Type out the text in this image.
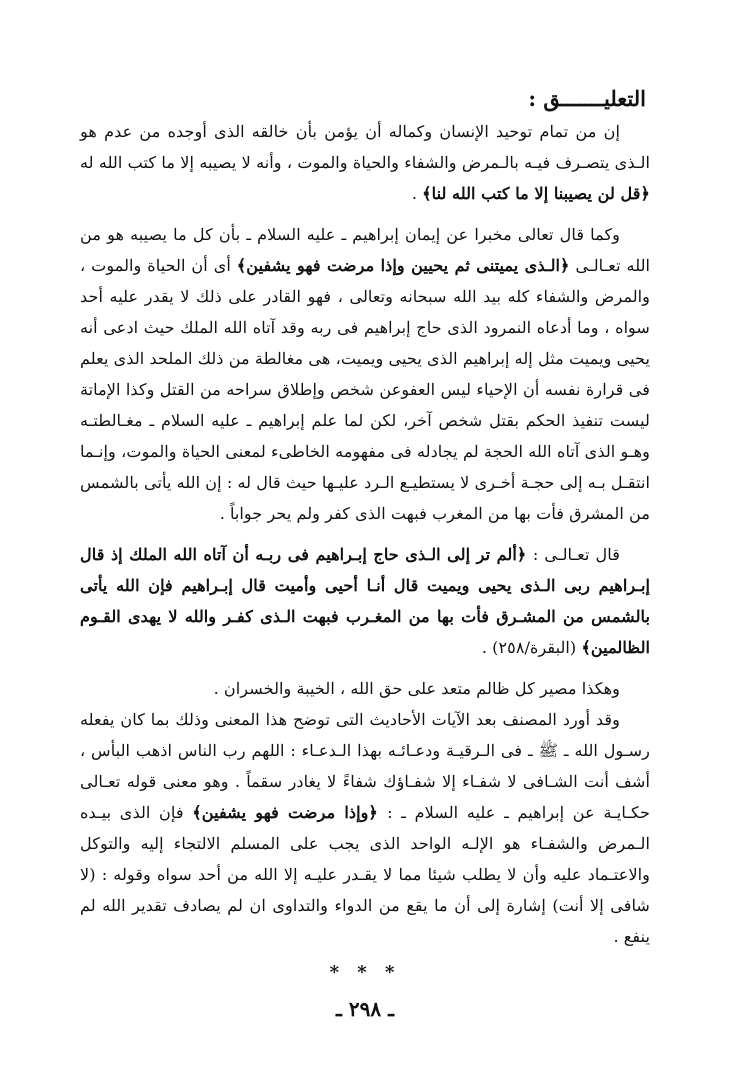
التعليـــــــق :

إن من تمام توحيد الإنسان وكماله أن يؤمن بأن خالقه الذى أوجده من عدم هو الـذى يتصـرف فيـه بالـمرض والشفاء والحياة والموت ، وأنه لا يصيبه إلا ما كتب الله له ﴿قل لن يصيبنا إلا ما كتب الله لنا﴾ .

وكما قال تعالى مخبرا عن إيمان إبراهيم ـ عليه السلام ـ بأن كل ما يصيبه هو من الله تعـالـى ﴿الـذى يميتنى ثم يحيين وإذا مرضت فهو يشفين﴾ أى أن الحياة والموت ، والمرض والشفاء كله بيد الله سبحانه وتعالى ، فهو القادر على ذلك لا يقدر عليه أحد سواه ، وما أدعاه النمرود الذى حاج إبراهيم فى ربه وقد آتاه الله الملك حيث ادعى أنه يحيى ويميت مثل إله إبراهيم الذى يحيى ويميت، هى مغالطة من ذلك الملحد الذى يعلم فى قرارة نفسه أن الإحياء ليس العفوعن شخص وإطلاق سراحه من القتل وكذا الإماتة ليست تنفيذ الحكم بقتل شخص آخر، لكن لما علم إبراهيم ـ عليه السلام ـ مغـالطتـه وهـو الذى آتاه الله الحجة لم يجادله فى مفهومه الخاطىء لمعنى الحياة والموت، وإنـما انتقـل بـه إلى حجـة أخـرى لا يستطيـع الـرد عليـها حيث قال له : إن الله يأتى بالشمس من المشرق فأت بها من المغرب فبهت الذى كفر ولم يحر جواباً .

قال تعـالـى : ﴿ألم تر إلى الـذى حاج إبـراهيم فى ربـه أن آتاه الله الملك إذ قال إبـراهيم ربى الـذى يحيى ويميت قال أنـا أحيى وأميت قال إبـراهيم فإن الله يأتى بالشمس من المشـرق فأت بها من المغـرب فبهت الـذى كفـر والله لا يهدى القـوم الظالمين﴾ (البقرة/٢٥٨) .

وهكذا مصير كل ظالم متعد على حق الله ، الخيبة والخسران .

وقد أورد المصنف بعد الآيات الأحاديث التى توضح هذا المعنى وذلك بما كان يفعله رسـول الله ـ ﷺ ـ فى الـرقيـة ودعـائـه بهذا الـدعـاء : اللهم رب الناس اذهب البأس ، أشف أنت الشـافى لا شفـاء إلا شفـاؤك شفاءً لا يغادر سقماً . وهو معنى قوله تعـالى حكـايـة عن إبراهيم ـ عليه السلام ـ : ﴿وإذا مرضت فهو يشفين﴾ فإن الذى بيـده الـمرض والشفـاء هو الإلـه الواحد الذى يجب على المسلم الالتجاء إليه والتوكل والاعتـماد عليه وأن لا يطلب شيئا مما لا يقـدر عليـه إلا الله من أحد سواه وقوله : (لا شافى إلا أنت) إشارة إلى أن ما يقع من الدواء والتداوى ان لم يصادف تقدير الله لم ينفع .

* * *
ـ ٢٩٨ ـ
